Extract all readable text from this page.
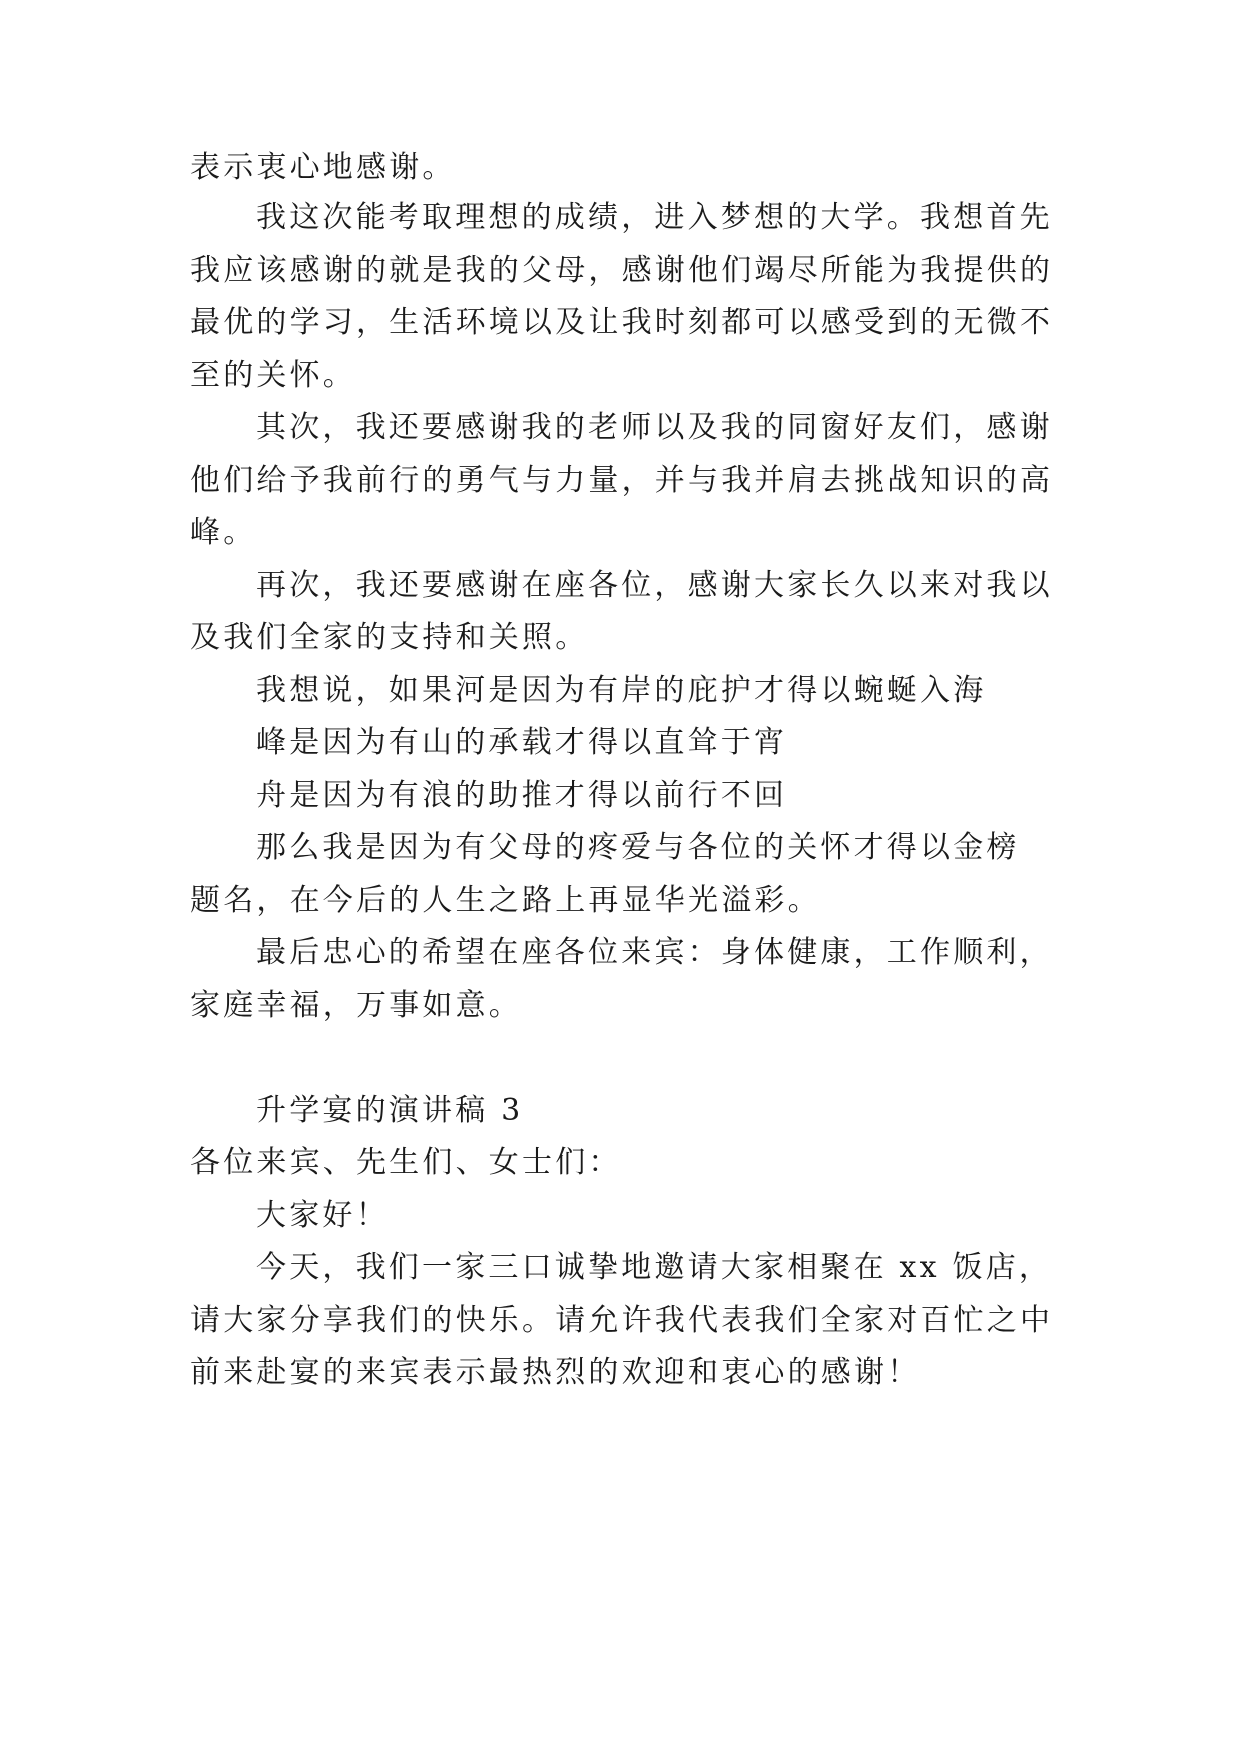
表示衷心地感谢。
我这次能考取理想的成绩，进入梦想的大学。我想首先
我应该感谢的就是我的父母，感谢他们竭尽所能为我提供的
最优的学习，生活环境以及让我时刻都可以感受到的无微不
至的关怀。
其次，我还要感谢我的老师以及我的同窗好友们，感谢
他们给予我前行的勇气与力量，并与我并肩去挑战知识的高
峰。
再次，我还要感谢在座各位，感谢大家长久以来对我以
及我们全家的支持和关照。
我想说，如果河是因为有岸的庇护才得以蜿蜒入海
峰是因为有山的承载才得以直耸于宵
舟是因为有浪的助推才得以前行不回
那么我是因为有父母的疼爱与各位的关怀才得以金榜
题名，在今后的人生之路上再显华光溢彩。
最后忠心的希望在座各位来宾：身体健康，工作顺利，
家庭幸福，万事如意。
升学宴的演讲稿 3
各位来宾、先生们、女士们：
大家好！
今天，我们一家三口诚挚地邀请大家相聚在 xx 饭店，
请大家分享我们的快乐。请允许我代表我们全家对百忙之中
前来赴宴的来宾表示最热烈的欢迎和衷心的感谢！
